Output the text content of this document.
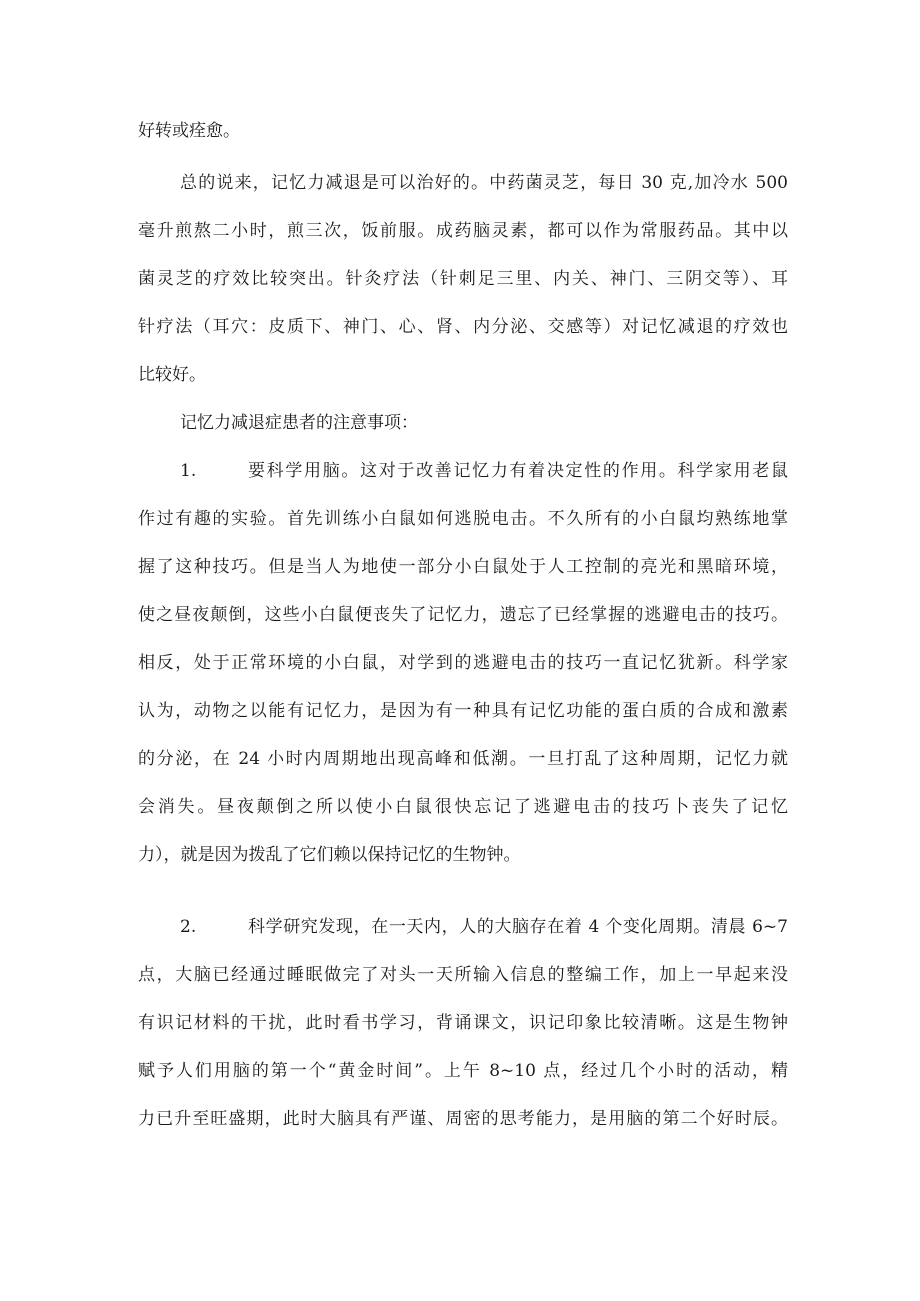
好转或痊愈。
总的说来，记忆力减退是可以治好的。中药菌灵芝，每日 30 克,加冷水 500
毫升煎熬二小时，煎三次，饭前服。成药脑灵素，都可以作为常服药品。其中以
菌灵芝的疗效比较突出。针灸疗法（针刺足三里、内关、神门、三阴交等）、耳
针疗法（耳穴：皮质下、神门、心、肾、内分泌、交感等）对记忆减退的疗效也
比较好。
记忆力减退症患者的注意事项：
1.	要科学用脑。这对于改善记忆力有着决定性的作用。科学家用老鼠
作过有趣的实验。首先训练小白鼠如何逃脱电击。不久所有的小白鼠均熟练地掌
握了这种技巧。但是当人为地使一部分小白鼠处于人工控制的亮光和黑暗环境，
使之昼夜颠倒，这些小白鼠便丧失了记忆力，遗忘了已经掌握的逃避电击的技巧。
相反，处于正常环境的小白鼠，对学到的逃避电击的技巧一直记忆犹新。科学家
认为，动物之以能有记忆力，是因为有一种具有记忆功能的蛋白质的合成和激素
的分泌，在 24 小时内周期地出现高峰和低潮。一旦打乱了这种周期，记忆力就
会消失。昼夜颠倒之所以使小白鼠很快忘记了逃避电击的技巧卜丧失了记忆
力），就是因为拨乱了它们赖以保持记忆的生物钟。
2.	科学研究发现，在一天内，人的大脑存在着 4 个变化周期。清晨 6~7
点，大脑已经通过睡眠做完了对头一天所输入信息的整编工作，加上一早起来没
有识记材料的干扰，此时看书学习，背诵课文，识记印象比较清晰。这是生物钟
赋予人们用脑的第一个“黄金时间”。上午 8~10 点，经过几个小时的活动，精
力已升至旺盛期，此时大脑具有严谨、周密的思考能力，是用脑的第二个好时辰。
